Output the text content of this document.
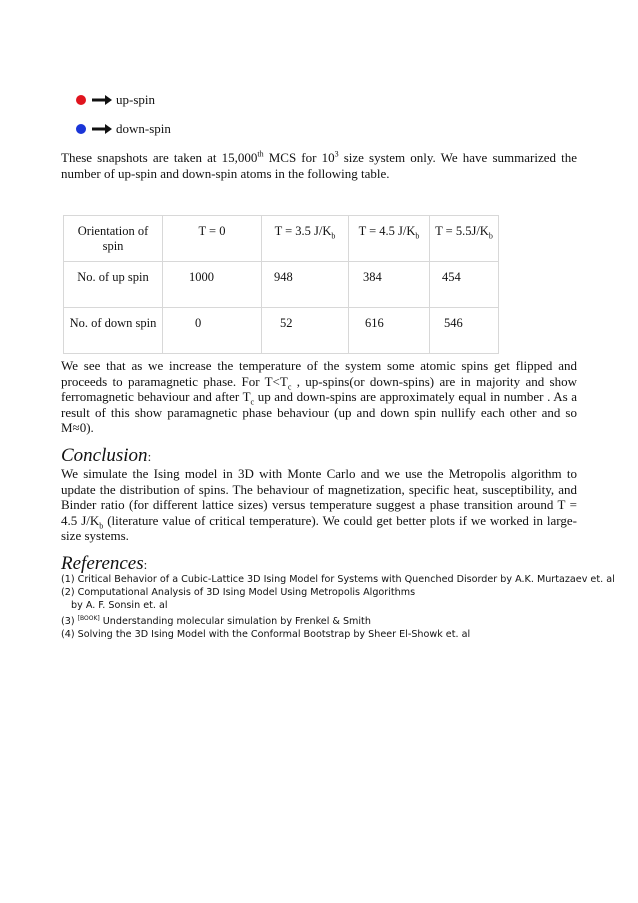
up-spin
down-spin

These snapshots are taken at 15,000th MCS for $10^3$ size system only. We have summarized the number of up-spin and down-spin atoms in the following table.

Orientation of spin	T = 0	T = 3.5 $J/K_b$	T = 4.5 $J/K_b$	$T = 5.5J/K_b$
No. of up spin	1000	948	384	454
No. of down spin	0	52	616	546

We see that as we increase the temperature of the system some atomic spins get flipped and proceeds to paramagnetic phase. For $T<T_c$ , up-spins(or down-spins) are in majority and show ferromagnetic behaviour and after $T_c$ up and down-spins are approximately equal in number . As a result of this show paramagnetic phase behaviour (up and down spin nullify each other and so M≈0).

Conclusion:

We simulate the Ising model in 3D with Monte Carlo and we use the Metropolis algorithm to update the distribution of spins. The behaviour of magnetization, specific heat, susceptibility, and Binder ratio (for different lattice sizes) versus temperature suggest a phase transition around T = 4.5 $J/K_b$ (literature value of critical temperature). We could get better plots if we worked in large-size systems.

References:
(1) Critical Behavior of a Cubic-Lattice 3D Ising Model for Systems with Quenched Disorder by A.K. Murtazaev et. al
(2) Computational Analysis of 3D Ising Model Using Metropolis Algorithms
by A. F. Sonsin et. al
(3) [BOOK] Understanding molecular simulation by Frenkel & Smith
(4) Solving the 3D Ising Model with the Conformal Bootstrap by Sheer El-Showk et. al
